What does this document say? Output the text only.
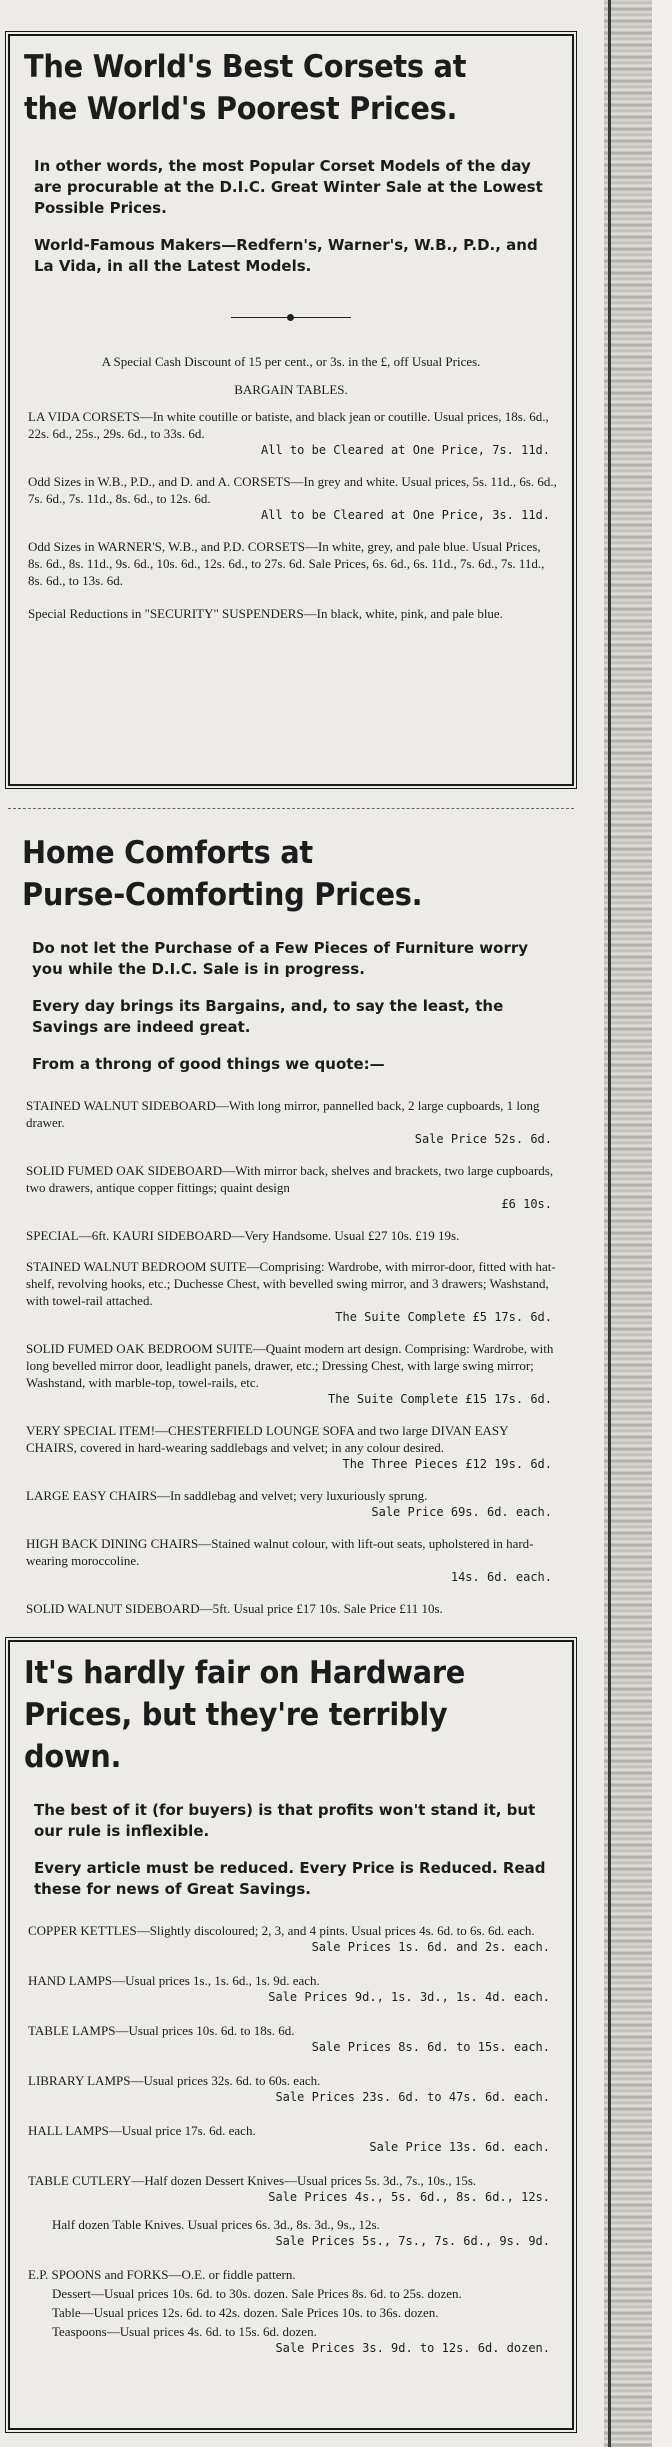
The World's Best Corsets at
the World's Poorest Prices.
In other words, the most Popular Corset Models of the day are procurable at the D.I.C. Great Winter Sale at the Lowest Possible Prices.
World-Famous Makers—Redfern's, Warner's, W.B., P.D., and La Vida, in all the Latest Models.
A Special Cash Discount of 15 per cent., or 3s. in the £, off Usual Prices.
BARGAIN TABLES.
LA VIDA CORSETS—In white coutille or batiste, and black jean or coutille. Usual prices, 18s. 6d., 22s. 6d., 25s., 29s. 6d., to 33s. 6d.
All to be Cleared at One Price, 7s. 11d.
Odd Sizes in W.B., P.D., and D. and A. CORSETS—In grey and white. Usual prices, 5s. 11d., 6s. 6d., 7s. 6d., 7s. 11d., 8s. 6d., to 12s. 6d.
All to be Cleared at One Price, 3s. 11d.
Odd Sizes in WARNER'S, W.B., and P.D. CORSETS—In white, grey, and pale blue. Usual Prices, 8s. 6d., 8s. 11d., 9s. 6d., 10s. 6d., 12s. 6d., to 27s. 6d. Sale Prices, 6s. 6d., 6s. 11d., 7s. 6d., 7s. 11d., 8s. 6d., to 13s. 6d.
Special Reductions in "SECURITY" SUSPENDERS—In black, white, pink, and pale blue.
Home Comforts at
Purse-Comforting Prices.
Do not let the Purchase of a Few Pieces of Furniture worry you while the D.I.C. Sale is in progress.
Every day brings its Bargains, and, to say the least, the Savings are indeed great.
From a throng of good things we quote:—
STAINED WALNUT SIDEBOARD—With long mirror, pannelled back, 2 large cupboards, 1 long drawer.
Sale Price 52s. 6d.
SOLID FUMED OAK SIDEBOARD—With mirror back, shelves and brackets, two large cupboards, two drawers, antique copper fittings; quaint design
£6 10s.
SPECIAL—6ft. KAURI SIDEBOARD—Very Handsome. Usual £27 10s. £19 19s.
STAINED WALNUT BEDROOM SUITE—Comprising: Wardrobe, with mirror-door, fitted with hat-shelf, revolving hooks, etc.; Duchesse Chest, with bevelled swing mirror, and 3 drawers; Washstand, with towel-rail attached.
The Suite Complete £5 17s. 6d.
SOLID FUMED OAK BEDROOM SUITE—Quaint modern art design. Comprising: Wardrobe, with long bevelled mirror door, leadlight panels, drawer, etc.; Dressing Chest, with large swing mirror; Washstand, with marble-top, towel-rails, etc.
The Suite Complete £15 17s. 6d.
VERY SPECIAL ITEM!—CHESTERFIELD LOUNGE SOFA and two large DIVAN EASY CHAIRS, covered in hard-wearing saddlebags and velvet; in any colour desired.
The Three Pieces £12 19s. 6d.
LARGE EASY CHAIRS—In saddlebag and velvet; very luxuriously sprung.
Sale Price 69s. 6d. each.
HIGH BACK DINING CHAIRS—Stained walnut colour, with lift-out seats, upholstered in hard-wearing moroccoline.
14s. 6d. each.
SOLID WALNUT SIDEBOARD—5ft. Usual price £17 10s. Sale Price £11 10s.
It's hardly fair on Hardware
Prices, but they're terribly down.
The best of it (for buyers) is that profits won't stand it, but our rule is inflexible.
Every article must be reduced. Every Price is Reduced. Read these for news of Great Savings.
COPPER KETTLES—Slightly discoloured; 2, 3, and 4 pints. Usual prices 4s. 6d. to 6s. 6d. each.
Sale Prices 1s. 6d. and 2s. each.
HAND LAMPS—Usual prices 1s., 1s. 6d., 1s. 9d. each.
Sale Prices 9d., 1s. 3d., 1s. 4d. each.
TABLE LAMPS—Usual prices 10s. 6d. to 18s. 6d.
Sale Prices 8s. 6d. to 15s. each.
LIBRARY LAMPS—Usual prices 32s. 6d. to 60s. each.
Sale Prices 23s. 6d. to 47s. 6d. each.
HALL LAMPS—Usual price 17s. 6d. each.
Sale Price 13s. 6d. each.
TABLE CUTLERY—Half dozen Dessert Knives—Usual prices 5s. 3d., 7s., 10s., 15s.
Sale Prices 4s., 5s. 6d., 8s. 6d., 12s.
Half dozen Table Knives. Usual prices 6s. 3d., 8s. 3d., 9s., 12s.
Sale Prices 5s., 7s., 7s. 6d., 9s. 9d.
E.P. SPOONS and FORKS—O.E. or fiddle pattern.
Dessert—Usual prices 10s. 6d. to 30s. dozen. Sale Prices 8s. 6d. to 25s. dozen.
Table—Usual prices 12s. 6d. to 42s. dozen. Sale Prices 10s. to 36s. dozen.
Teaspoons—Usual prices 4s. 6d. to 15s. 6d. dozen.
Sale Prices 3s. 9d. to 12s. 6d. dozen.
